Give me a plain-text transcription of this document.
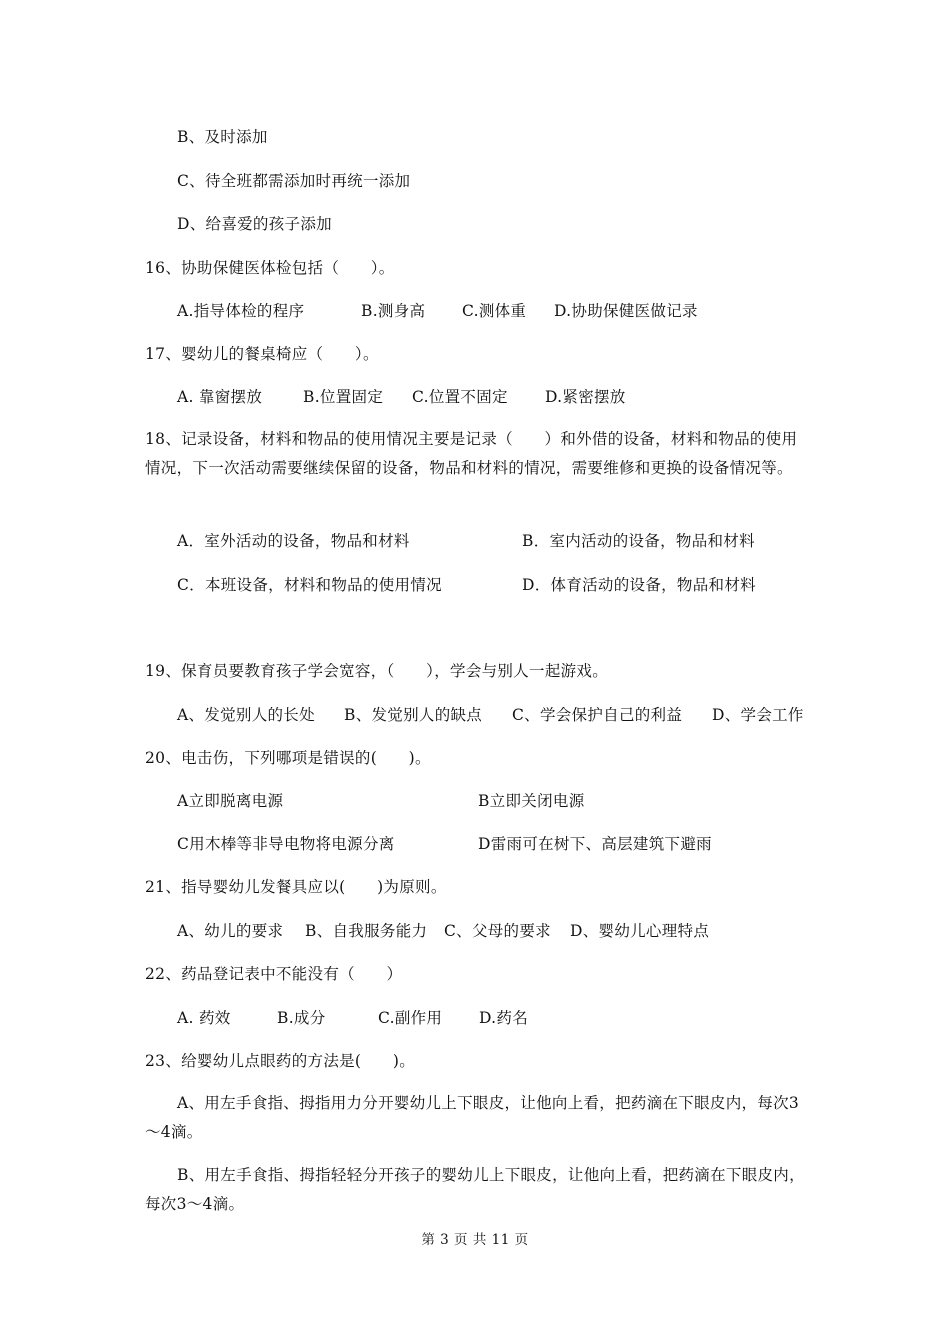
B、及时添加
C、待全班都需添加时再统一添加
D、给喜爱的孩子添加
16、协助保健医体检包括（　　）。
A.指导体检的程序	B.测身高 C.测体重 D.协助保健医做记录
17、婴幼儿的餐桌椅应（　　）。
A. 靠窗摆放	B.位置固定 C.位置不固定 D.紧密摆放
18、记录设备，材料和物品的使用情况主要是记录（　　）和外借的设备，材料和物品的使用情况，下一次活动需要继续保留的设备，物品和材料的情况，需要维修和更换的设备情况等。
A．室外活动的设备，物品和材料	B．室内活动的设备，物品和材料
C．本班设备，材料和物品的使用情况	D．体育活动的设备，物品和材料
19、保育员要教育孩子学会宽容，（　　），学会与别人一起游戏。
A、发觉别人的长处 B、发觉别人的缺点 C、学会保护自己的利益 D、学会工作
20、电击伤，下列哪项是错误的(　　)。
A立即脱离电源	B立即关闭电源
C用木棒等非导电物将电源分离	D雷雨可在树下、高层建筑下避雨
21、指导婴幼儿发餐具应以(　　)为原则。
A、幼儿的要求 B、自我服务能力 C、父母的要求 D、婴幼儿心理特点
22、药品登记表中不能没有（　　）
A. 药效	B.成分	C.副作用 D.药名
23、给婴幼儿点眼药的方法是(　　)。
A、用左手食指、拇指用力分开婴幼儿上下眼皮，让他向上看，把药滴在下眼皮内，每次3～4滴。
B、用左手食指、拇指轻轻分开孩子的婴幼儿上下眼皮，让他向上看，把药滴在下眼皮内，每次3～4滴。
第 3 页 共 11 页
